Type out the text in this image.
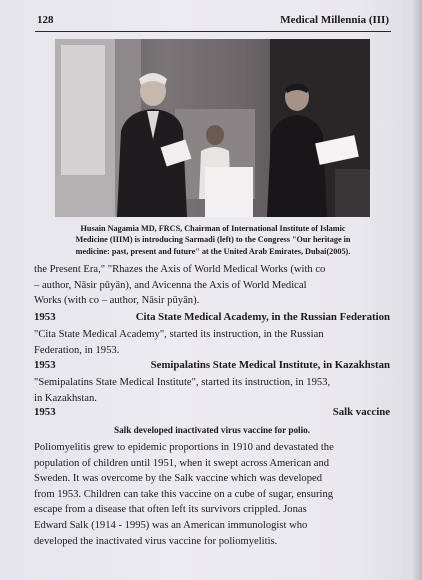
128	Medical Millennia (III)
Husain Nagamia MD, FRCS, Chairman of International Institute of Islamic
Medicine (IIIM) is introducing Sarmadi (left) to the Congress "Our heritage in
medicine: past, present and future" at the United Arab Emirates, Dubai(2005).
the Present Era," "Rhazes the Axis of World Medical Works (with co
– author, Nāsir pūyān), and Avicenna the Axis of World Medical
Works (with co – author, Nāsir pūyān).
1953	Cita State Medical Academy, in the Russian Federation
"Cita State Medical Academy", started its instruction, in the Russian
Federation, in 1953.
1953	Semipalatins State Medical Institute, in Kazakhstan
"Semipalatins State Medical Institute", started its instruction, in 1953,
in Kazakhstan.
1953	Salk vaccine
Salk developed inactivated virus vaccine for polio.
Poliomyelitis grew to epidemic proportions in 1910 and devastated the
population of children until 1951, when it swept across American and
Sweden. It was overcome by the Salk vaccine which was developed
from 1953. Children can take this vaccine on a cube of sugar, ensuring
escape from a disease that often left its survivors crippled. Jonas
Edward Salk (1914 - 1995) was an American immunologist who
developed the inactivated virus vaccine for poliomyelitis.
